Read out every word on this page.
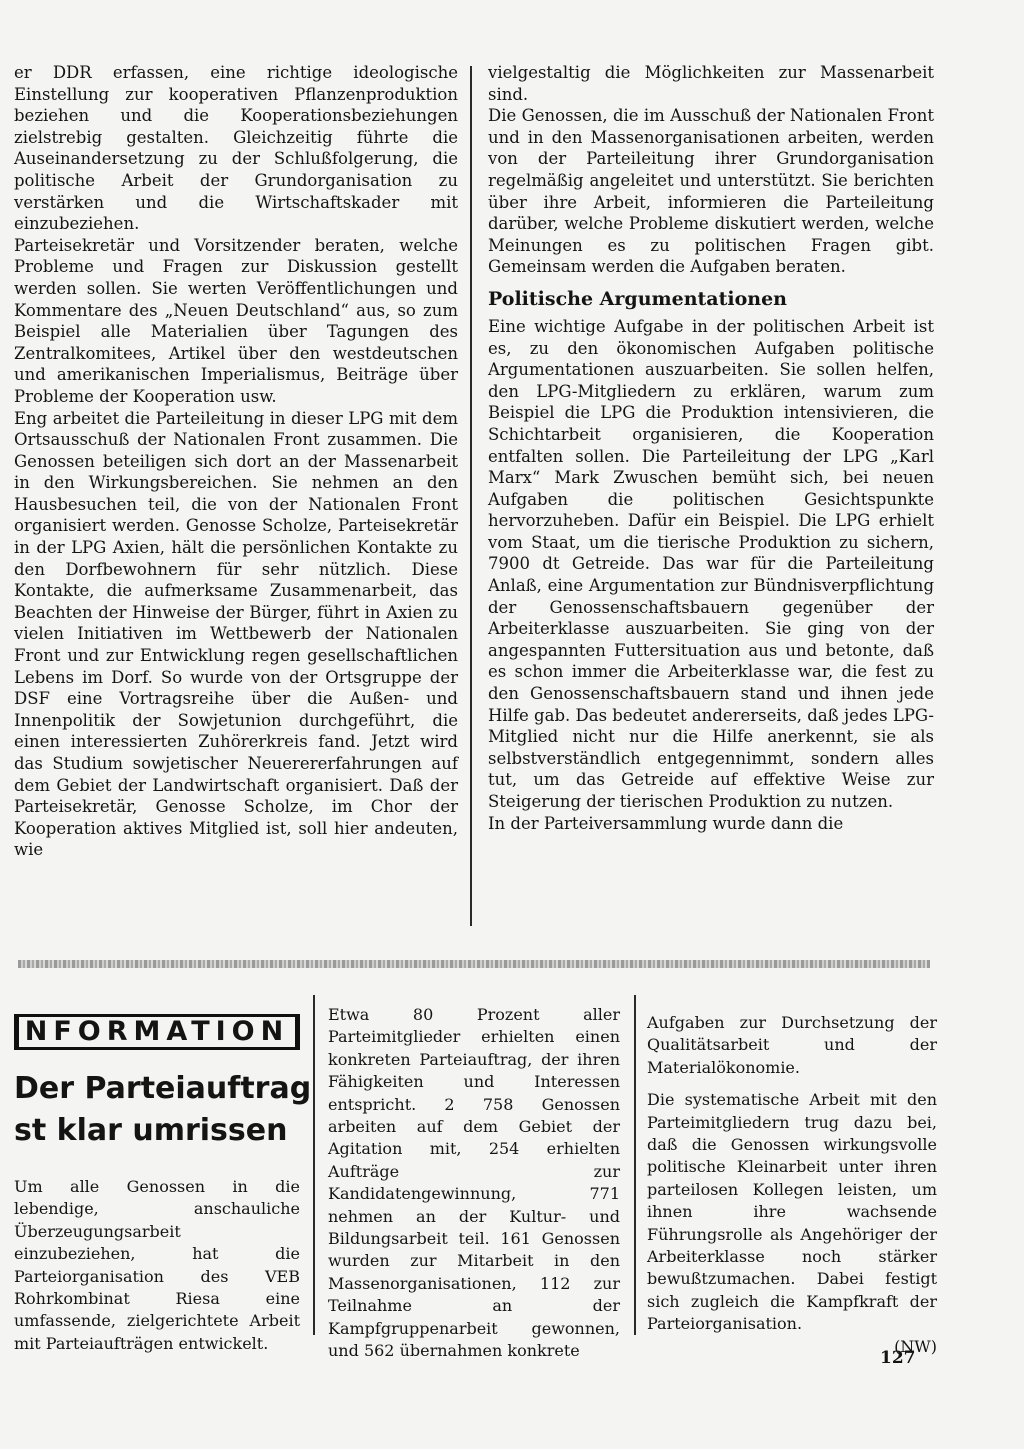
er DDR erfassen, eine richtige ideologische Einstellung zur kooperativen Pflanzenproduktion beziehen und die Kooperationsbeziehungen zielstrebig gestalten. Gleichzeitig führte die Auseinandersetzung zu der Schlußfolgerung, die politische Arbeit der Grundorganisation zu verstärken und die Wirtschaftskader mit einzubeziehen.

Parteisekretär und Vorsitzender beraten, welche Probleme und Fragen zur Diskussion gestellt werden sollen. Sie werten Veröffentlichungen und Kommentare des „Neuen Deutschland“ aus, so zum Beispiel alle Materialien über Tagungen des Zentralkomitees, Artikel über den westdeutschen und amerikanischen Imperialismus, Beiträge über Probleme der Kooperation usw.

Eng arbeitet die Parteileitung in dieser LPG mit dem Ortsausschuß der Nationalen Front zusammen. Die Genossen beteiligen sich dort an der Massenarbeit in den Wirkungsbereichen. Sie nehmen an den Hausbesuchen teil, die von der Nationalen Front organisiert werden. Genosse Scholze, Parteisekretär in der LPG Axien, hält die persönlichen Kontakte zu den Dorfbewohnern für sehr nützlich. Diese Kontakte, die aufmerksame Zusammenarbeit, das Beachten der Hinweise der Bürger, führt in Axien zu vielen Initiativen im Wettbewerb der Nationalen Front und zur Entwicklung regen gesellschaftlichen Lebens im Dorf. So wurde von der Ortsgruppe der DSF eine Vortragsreihe über die Außen- und Innenpolitik der Sowjetunion durchgeführt, die einen interessierten Zuhörerkreis fand. Jetzt wird das Studium sowjetischer Neuerererfahrungen auf dem Gebiet der Landwirtschaft organisiert. Daß der Parteisekretär, Genosse Scholze, im Chor der Kooperation aktives Mitglied ist, soll hier andeuten, wie

vielgestaltig die Möglichkeiten zur Massenarbeit sind.

Die Genossen, die im Ausschuß der Nationalen Front und in den Massenorganisationen arbeiten, werden von der Parteileitung ihrer Grundorganisation regelmäßig angeleitet und unterstützt. Sie berichten über ihre Arbeit, informieren die Parteileitung darüber, welche Probleme diskutiert werden, welche Meinungen es zu politischen Fragen gibt. Gemeinsam werden die Aufgaben beraten.

Politische Argumentationen

Eine wichtige Aufgabe in der politischen Arbeit ist es, zu den ökonomischen Aufgaben politische Argumentationen auszuarbeiten. Sie sollen helfen, den LPG-Mitgliedern zu erklären, warum zum Beispiel die LPG die Produktion intensivieren, die Schichtarbeit organisieren, die Kooperation entfalten sollen. Die Parteileitung der LPG „Karl Marx“ Mark Zwuschen bemüht sich, bei neuen Aufgaben die politischen Gesichtspunkte hervorzuheben. Dafür ein Beispiel. Die LPG erhielt vom Staat, um die tierische Produktion zu sichern, 7900 dt Getreide. Das war für die Parteileitung Anlaß, eine Argumentation zur Bündnisverpflichtung der Genossenschaftsbauern gegenüber der Arbeiterklasse auszuarbeiten. Sie ging von der angespannten Futtersituation aus und betonte, daß es schon immer die Arbeiterklasse war, die fest zu den Genossenschaftsbauern stand und ihnen jede Hilfe gab. Das bedeutet andererseits, daß jedes LPG-Mitglied nicht nur die Hilfe anerkennt, sie als selbstverständlich entgegennimmt, sondern alles tut, um das Getreide auf effektive Weise zur Steigerung der tierischen Produktion zu nutzen.

In der Parteiversammlung wurde dann die

NFORMATION
Der Parteiauftrag
st klar umrissen

Um alle Genossen in die lebendige, anschauliche Überzeugungsarbeit einzubeziehen, hat die Parteiorganisation des VEB Rohrkombinat Riesa eine umfassende, zielgerichtete Arbeit mit Parteiaufträgen entwickelt.

Etwa 80 Prozent aller Parteimitglieder erhielten einen konkreten Parteiauftrag, der ihren Fähigkeiten und Interessen entspricht. 2 758 Genossen arbeiten auf dem Gebiet der Agitation mit, 254 erhielten Aufträge zur Kandidatengewinnung, 771 nehmen an der Kultur- und Bildungsarbeit teil. 161 Genossen wurden zur Mitarbeit in den Massenorganisationen, 112 zur Teilnahme an der Kampfgruppenarbeit gewonnen, und 562 übernahmen konkrete

Aufgaben zur Durchsetzung der Qualitätsarbeit und der Materialökonomie.

Die systematische Arbeit mit den Parteimitgliedern trug dazu bei, daß die Genossen wirkungsvolle politische Kleinarbeit unter ihren parteilosen Kollegen leisten, um ihnen ihre wachsende Führungsrolle als Angehöriger der Arbeiterklasse noch stärker bewußtzumachen. Dabei festigt sich zugleich die Kampfkraft der Parteiorganisation.

(NW)

127
